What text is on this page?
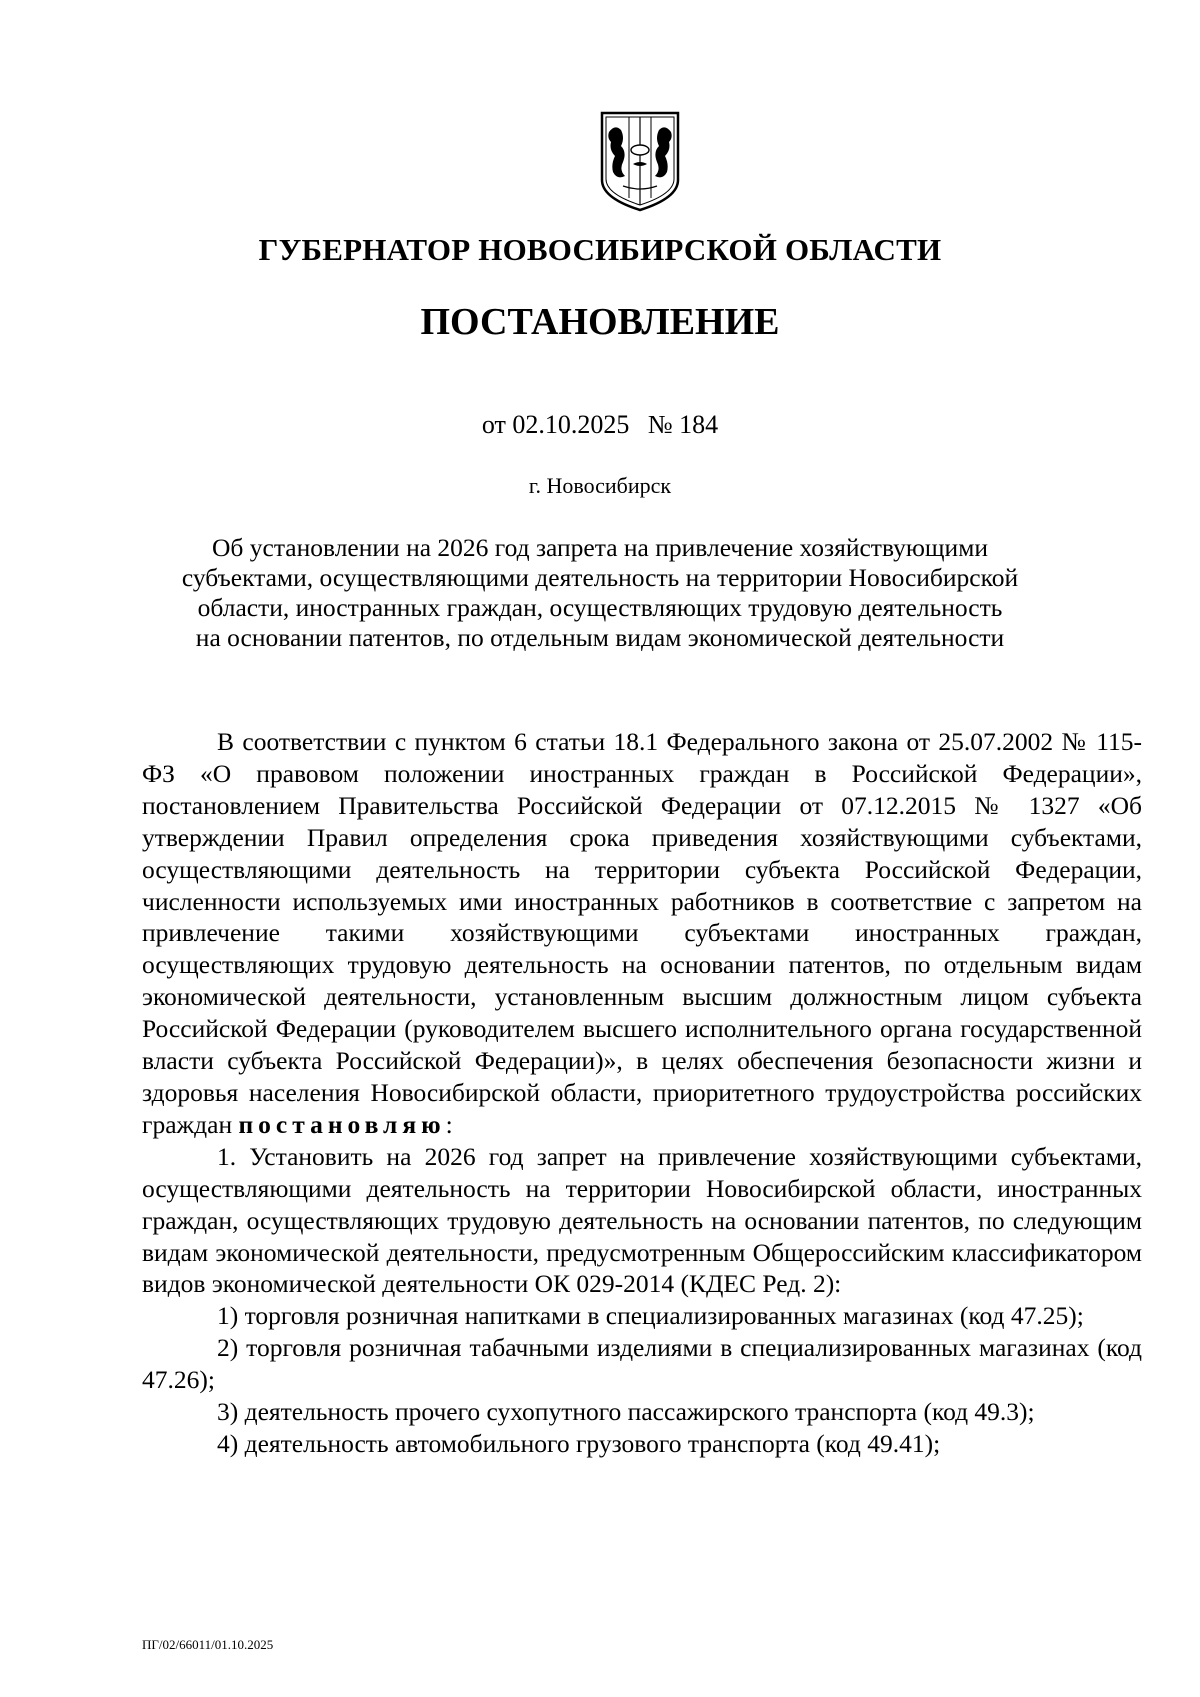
ГУБЕРНАТОР НОВОСИБИРСКОЙ ОБЛАСТИ
ПОСТАНОВЛЕНИЕ
от 02.10.2025 № 184
г. Новосибирск
Об установлении на 2026 год запрета на привлечение хозяйствующими
субъектами, осуществляющими деятельность на территории Новосибирской
области, иностранных граждан, осуществляющих трудовую деятельность
на основании патентов, по отдельным видам экономической деятельности

В соответствии с пунктом 6 статьи 18.1 Федерального закона от 25.07.2002 № 115-ФЗ «О правовом положении иностранных граждан в Российской Федерации», постановлением Правительства Российской Федерации от 07.12.2015 № 1327 «Об утверждении Правил определения срока приведения хозяйствующими субъектами, осуществляющими деятельность на территории субъекта Российской Федерации, численности используемых ими иностранных работников в соответствие с запретом на привлечение такими хозяйствующими субъектами иностранных граждан, осуществляющих трудовую деятельность на основании патентов, по отдельным видам экономической деятельности, установленным высшим должностным лицом субъекта Российской Федерации (руководителем высшего исполнительного органа государственной власти субъекта Российской Федерации)», в целях обеспечения безопасности жизни и здоровья населения Новосибирской области, приоритетного трудоустройства российских граждан постановляю:

1. Установить на 2026 год запрет на привлечение хозяйствующими субъектами, осуществляющими деятельность на территории Новосибирской области, иностранных граждан, осуществляющих трудовую деятельность на основании патентов, по следующим видам экономической деятельности, предусмотренным Общероссийским классификатором видов экономической деятельности ОК 029-2014 (КДЕС Ред. 2):

1) торговля розничная напитками в специализированных магазинах (код 47.25);

2) торговля розничная табачными изделиями в специализированных магазинах (код 47.26);

3) деятельность прочего сухопутного пассажирского транспорта (код 49.3);

4) деятельность автомобильного грузового транспорта (код 49.41);

ПГ/02/66011/01.10.2025
